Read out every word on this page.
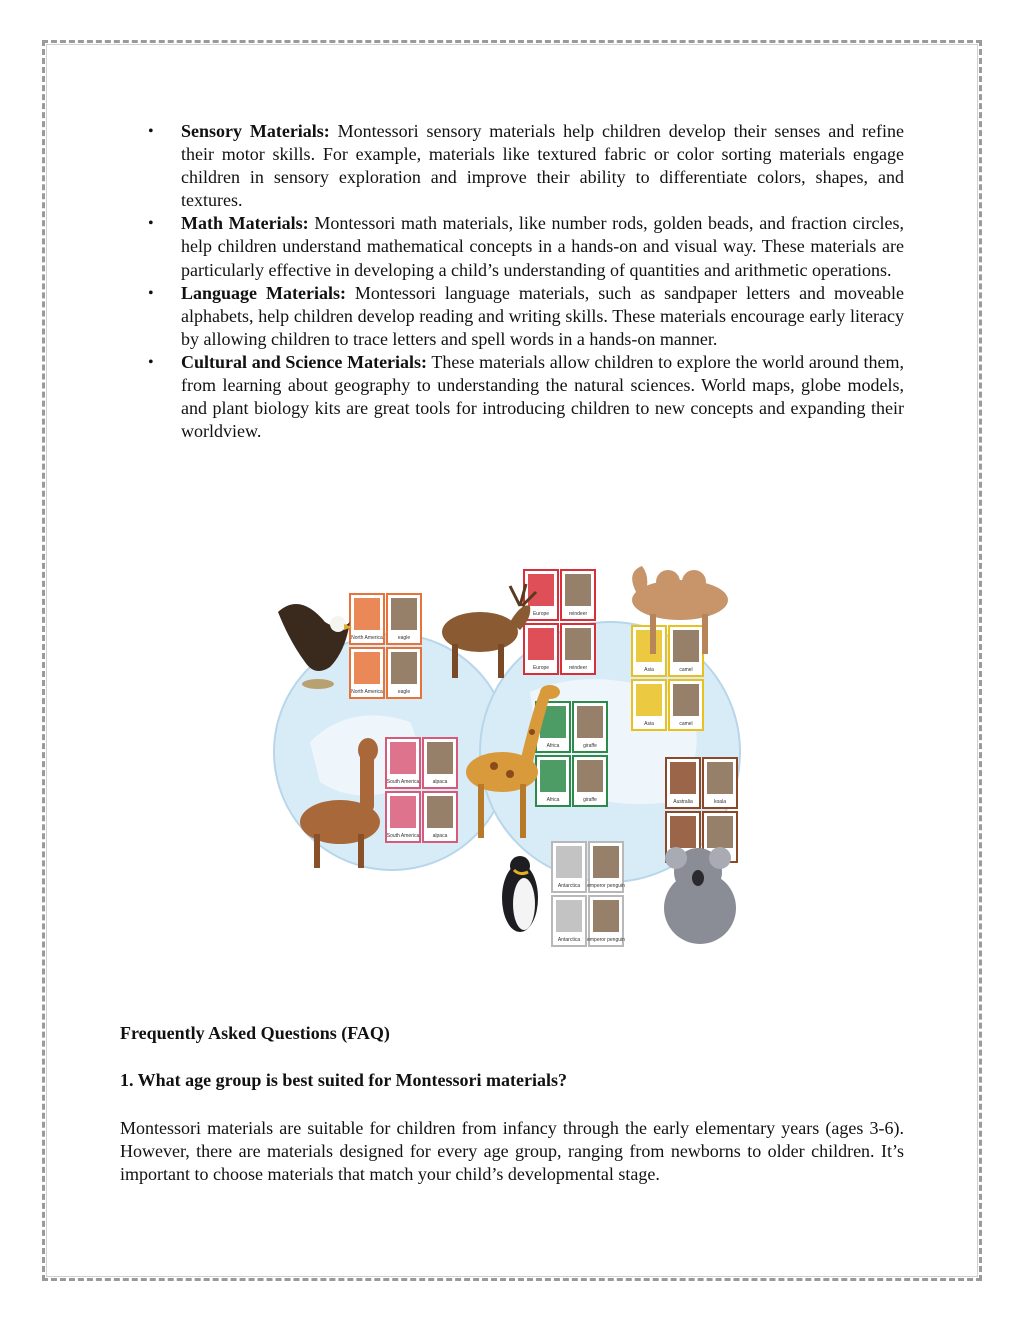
• Sensory Materials: Montessori sensory materials help children develop their senses and refine their motor skills. For example, materials like textured fabric or color sorting materials engage children in sensory exploration and improve their ability to differentiate colors, shapes, and textures.
• Math Materials: Montessori math materials, like number rods, golden beads, and fraction circles, help children understand mathematical concepts in a hands-on and visual way. These materials are particularly effective in developing a child’s understanding of quantities and arithmetic operations.
• Language Materials: Montessori language materials, such as sandpaper letters and moveable alphabets, help children develop reading and writing skills. These materials encourage early literacy by allowing children to trace letters and spell words in a hands-on manner.
• Cultural and Science Materials: These materials allow children to explore the world around them, from learning about geography to understanding the natural sciences. World maps, globe models, and plant biology kits are great tools for introducing children to new concepts and expanding their worldview.
North America	eagle
North America	eagle
Europe	reindeer
Europe	reindeer	Asia	camel
Asia	camel
South America	alpaca
South America	alpaca
Africa	giraffe
Africa	giraffe	Australia	koala
Antarctica emperor penguin
Antarctica emperor penguin
Frequently Asked Questions (FAQ)
1. What age group is best suited for Montessori materials?

Montessori materials are suitable for children from infancy through the early elementary years (ages 3-6). However, there are materials designed for every age group, ranging from newborns to older children. It’s important to choose materials that match your child’s developmental stage.
